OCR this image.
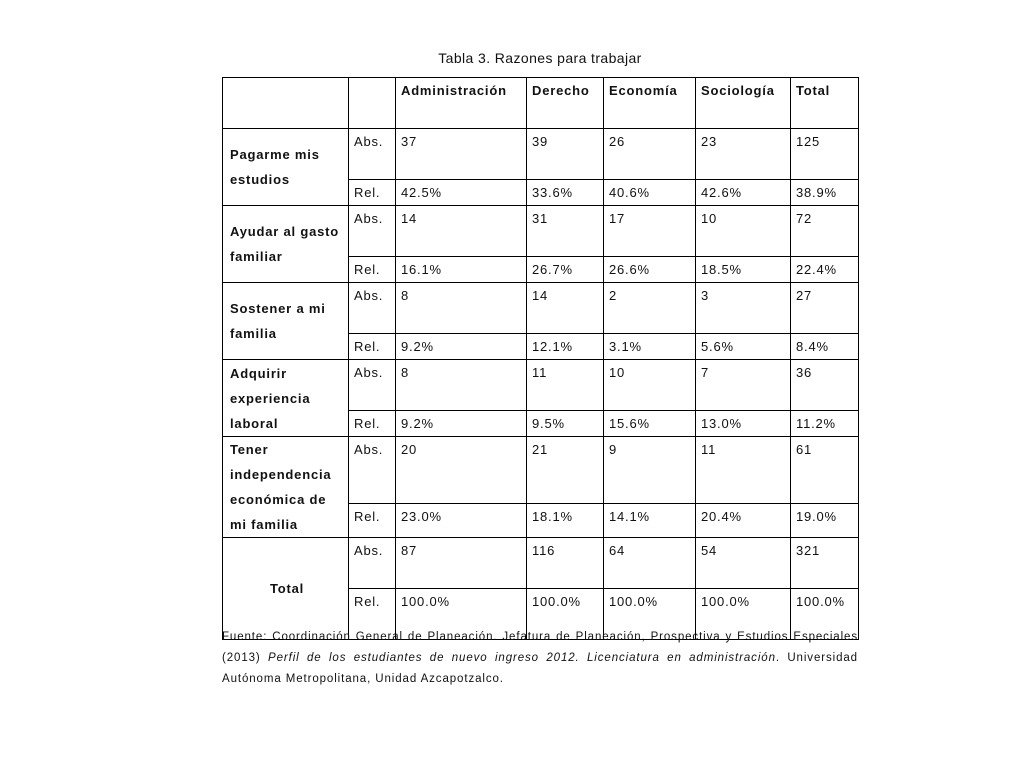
Tabla 3. Razones para trabajar
		Administración	Derecho	Economía	Sociología	Total
Pagarme mis estudios	Abs.	37	39	26	23	125
	Rel.	42.5%	33.6%	40.6%	42.6%	38.9%
Ayudar al gasto familiar	Abs.	14	31	17	10	72
	Rel.	16.1%	26.7%	26.6%	18.5%	22.4%
Sostener a mi familia	Abs.	8	14	2	3	27
	Rel.	9.2%	12.1%	3.1%	5.6%	8.4%
Adquirir experiencia laboral	Abs.	8	11	10	7	36
	Rel.	9.2%	9.5%	15.6%	13.0%	11.2%
Tener independencia económica de mi familia	Abs.	20	21	9	11	61
	Rel.	23.0%	18.1%	14.1%	20.4%	19.0%
Total	Abs.	87	116	64	54	321
	Rel.	100.0%	100.0%	100.0%	100.0%	100.0%
Fuente: Coordinación General de Planeación. Jefatura de Planeación, Prospectiva y Estudios Especiales (2013) Perfil de los estudiantes de nuevo ingreso 2012. Licenciatura en administración. Universidad Autónoma Metropolitana, Unidad Azcapotzalco.
